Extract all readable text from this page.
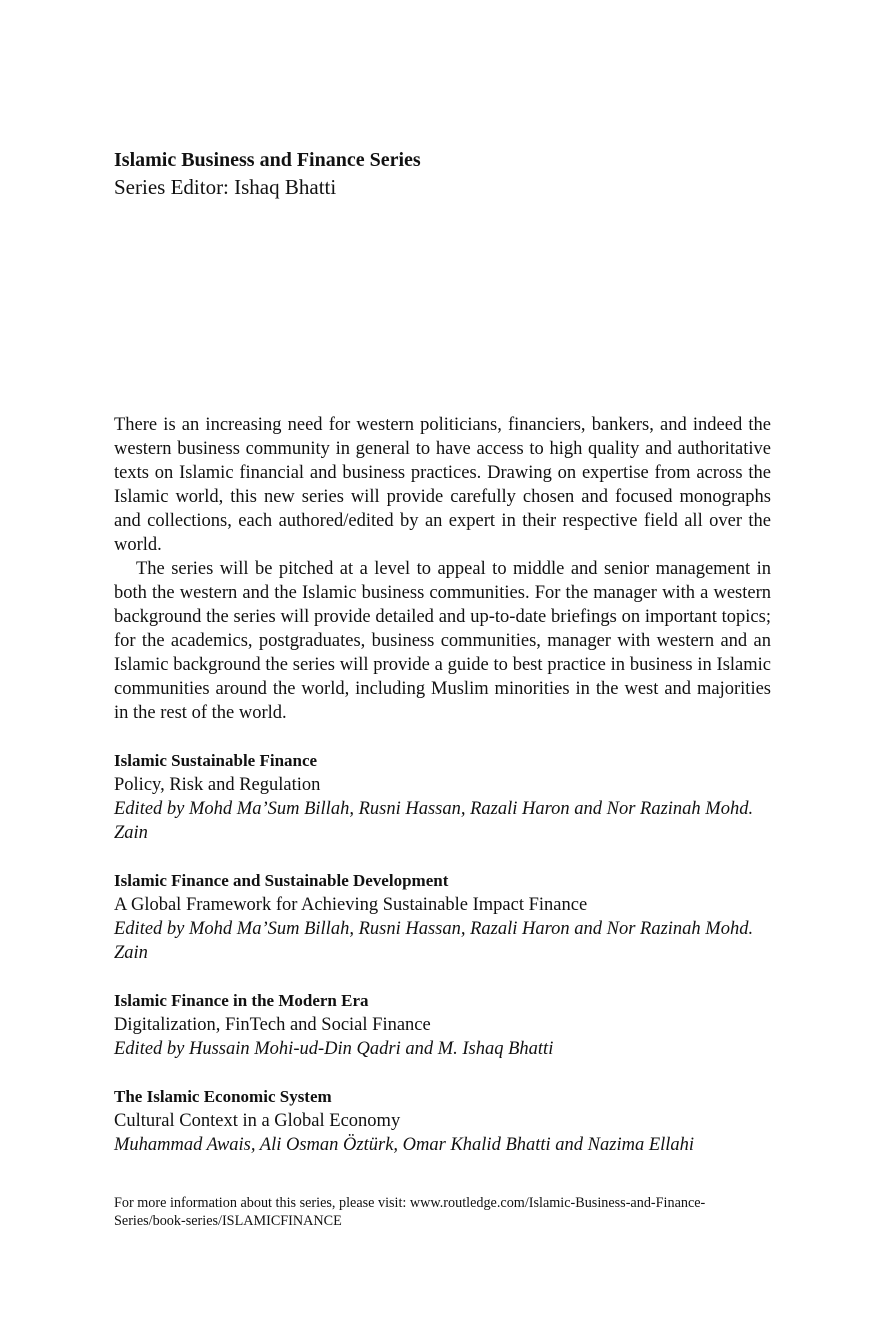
Islamic Business and Finance Series

Series Editor: Ishaq Bhatti

There is an increasing need for western politicians, financiers, bankers, and indeed the western business community in general to have access to high quality and authoritative texts on Islamic financial and business practices. Drawing on expertise from across the Islamic world, this new series will provide carefully chosen and focused monographs and collections, each authored/edited by an expert in their respective field all over the world.

The series will be pitched at a level to appeal to middle and senior management in both the western and the Islamic business communities. For the manager with a western background the series will provide detailed and up-to-date briefings on important topics; for the academics, postgraduates, business communities, manager with western and an Islamic background the series will provide a guide to best practice in business in Islamic communities around the world, including Muslim minorities in the west and majorities in the rest of the world.

Islamic Sustainable Finance

Policy, Risk and Regulation

Edited by Mohd Ma’Sum Billah, Rusni Hassan, Razali Haron and Nor Razinah Mohd. Zain

Islamic Finance and Sustainable Development

A Global Framework for Achieving Sustainable Impact Finance

Edited by Mohd Ma’Sum Billah, Rusni Hassan, Razali Haron and Nor Razinah Mohd. Zain

Islamic Finance in the Modern Era

Digitalization, FinTech and Social Finance

Edited by Hussain Mohi-ud-Din Qadri and M. Ishaq Bhatti

The Islamic Economic System

Cultural Context in a Global Economy

Muhammad Awais, Ali Osman Öztürk, Omar Khalid Bhatti and Nazima Ellahi

For more information about this series, please visit: www.routledge.com/Islamic-Business-and-Finance-Series/book-series/ISLAMICFINANCE
